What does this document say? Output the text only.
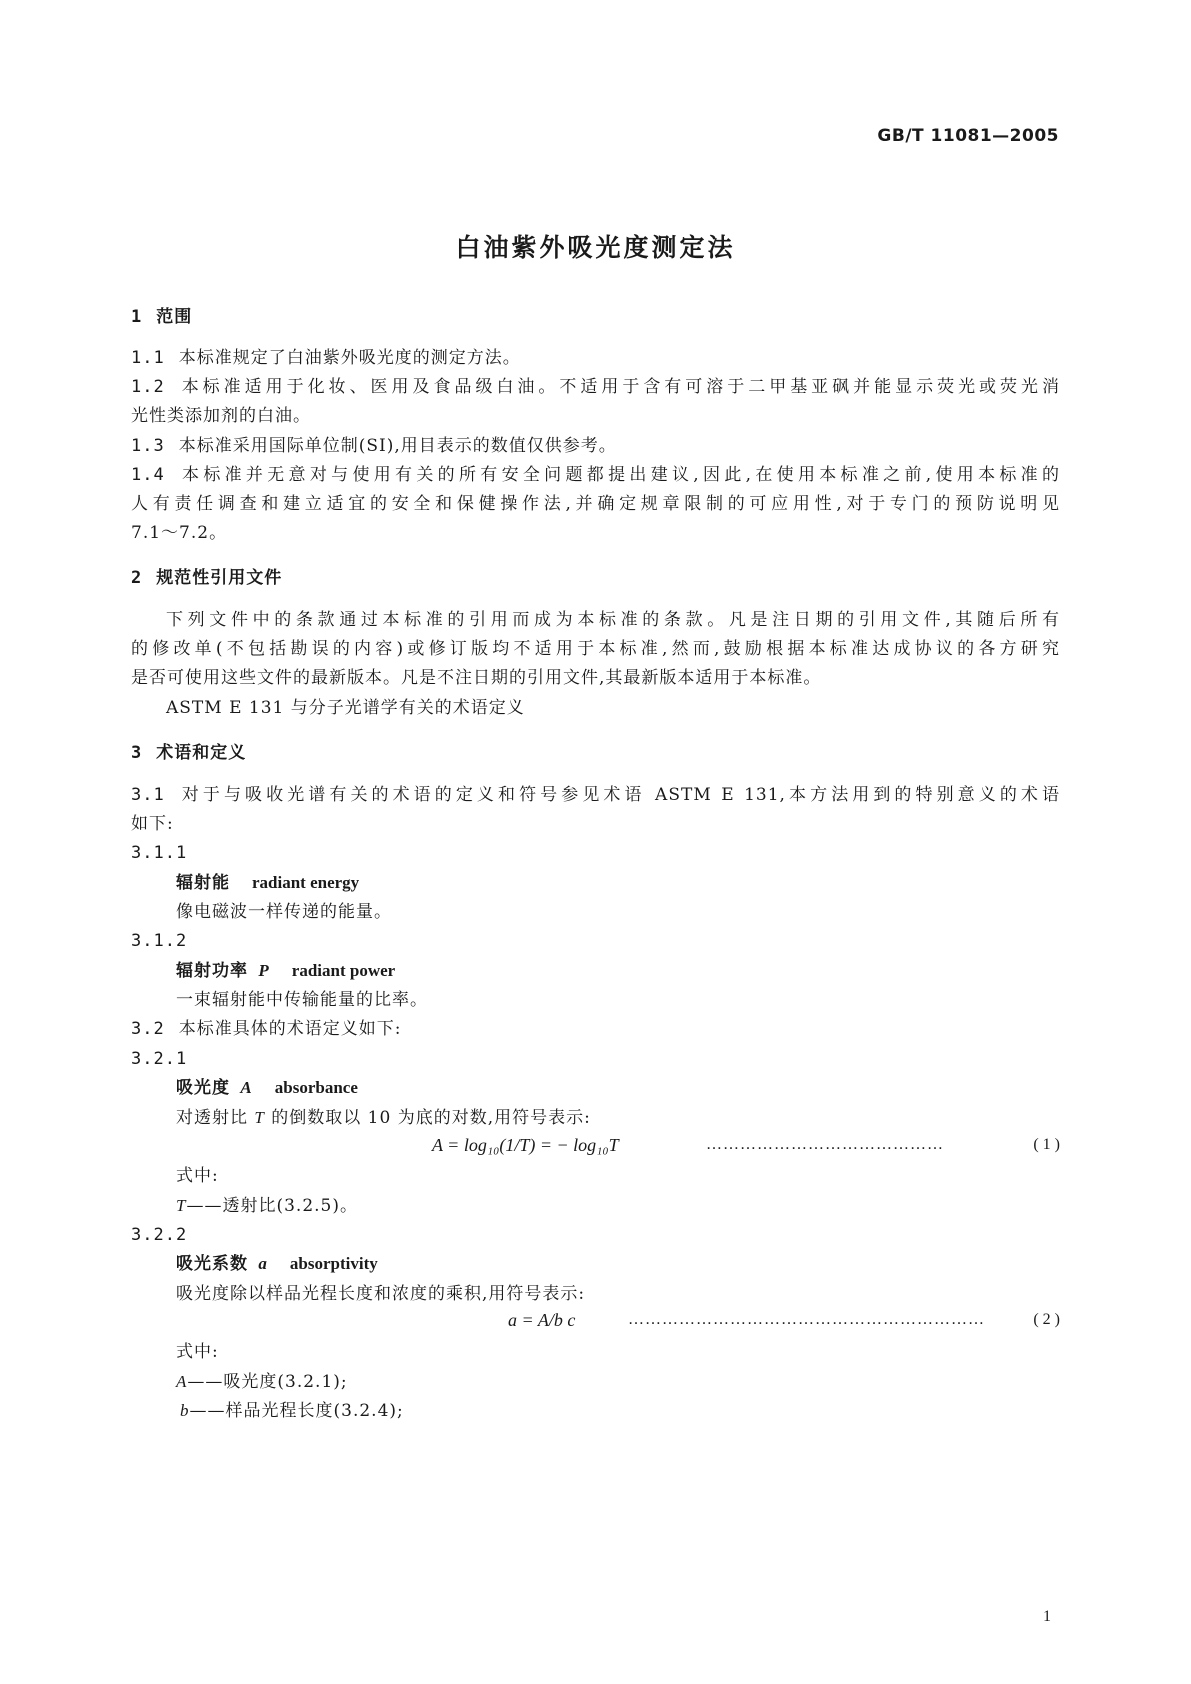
GB/T 11081—2005
白油紫外吸光度测定法
1 范围
1.1 本标准规定了白油紫外吸光度的测定方法。
1.2 本标准适用于化妆、医用及食品级白油。不适用于含有可溶于二甲基亚砜并能显示荧光或荧光消
光性类添加剂的白油。
1.3 本标准采用国际单位制(SI),用目表示的数值仅供参考。
1.4 本标准并无意对与使用有关的所有安全问题都提出建议,因此,在使用本标准之前,使用本标准的
人有责任调查和建立适宜的安全和保健操作法,并确定规章限制的可应用性,对于专门的预防说明见
7.1～7.2。
2 规范性引用文件
下列文件中的条款通过本标准的引用而成为本标准的条款。凡是注日期的引用文件,其随后所有
的修改单(不包括勘误的内容)或修订版均不适用于本标准,然而,鼓励根据本标准达成协议的各方研究
是否可使用这些文件的最新版本。凡是不注日期的引用文件,其最新版本适用于本标准。
ASTM E 131 与分子光谱学有关的术语定义
3 术语和定义
3.1 对于与吸收光谱有关的术语的定义和符号参见术语 ASTM E 131,本方法用到的特别意义的术语
如下:
3.1.1
辐射能 radiant energy
像电磁波一样传递的能量。
3.1.2
辐射功率 P radiant power
一束辐射能中传输能量的比率。
3.2 本标准具体的术语定义如下:
3.2.1
吸光度 A absorbance
对透射比 T 的倒数取以 10 为底的对数,用符号表示:
A = log₁₀(1/T) = − log₁₀T	……………………………………	( 1 )
式中:
T——透射比(3.2.5)。
3.2.2
吸光系数 a absorptivity
吸光度除以样品光程长度和浓度的乘积,用符号表示:
a = A/b c	………………………………………………………	( 2 )
式中:
A——吸光度(3.2.1);
b——样品光程长度(3.2.4);
1
